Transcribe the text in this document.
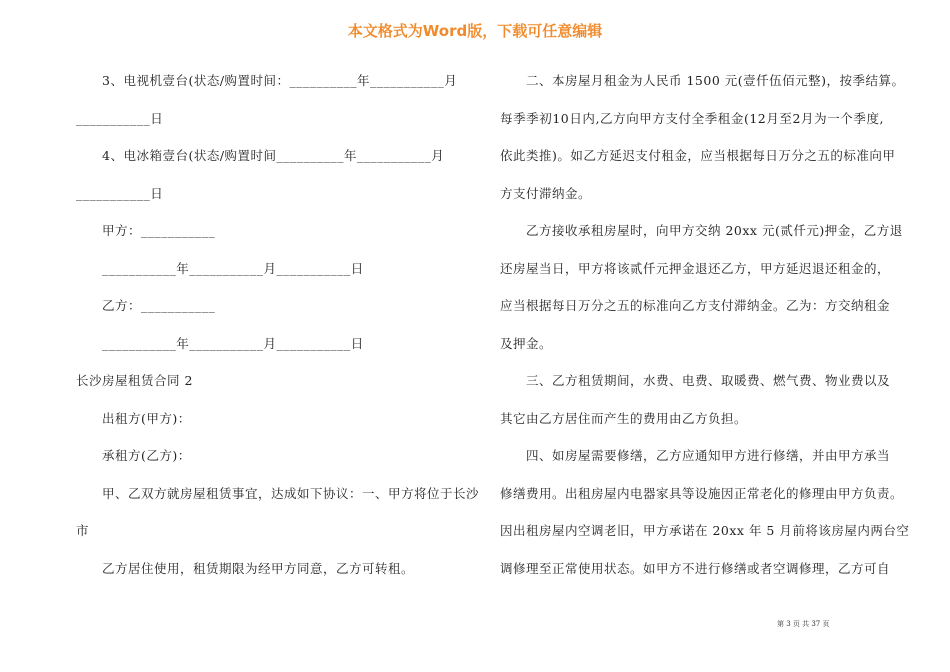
本文格式为Word版，下载可任意编辑
3、电视机壹台(状态/购置时间：__________年___________月
___________日
4、电冰箱壹台(状态/购置时间__________年___________月
___________日
甲方：___________
___________年___________月___________日
乙方：___________
___________年___________月___________日
长沙房屋租赁合同 2
出租方(甲方)：
承租方(乙方)：
甲、乙双方就房屋租赁事宜，达成如下协议：一、甲方将位于长沙
市
乙方居住使用，租赁期限为经甲方同意，乙方可转租。
二、本房屋月租金为人民币 1500 元(壹仟伍佰元整)，按季结算。
每季季初10日内,乙方向甲方支付全季租金(12月至2月为一个季度,
依此类推)。如乙方延迟支付租金，应当根据每日万分之五的标准向甲
方支付滞纳金。
乙方接收承租房屋时，向甲方交纳 20xx 元(贰仟元)押金，乙方退
还房屋当日，甲方将该贰仟元押金退还乙方，甲方延迟退还租金的，
应当根据每日万分之五的标准向乙方支付滞纳金。乙为：方交纳租金
及押金。
三、乙方租赁期间，水费、电费、取暖费、燃气费、物业费以及
其它由乙方居住而产生的费用由乙方负担。
四、如房屋需要修缮，乙方应通知甲方进行修缮，并由甲方承当
修缮费用。出租房屋内电器家具等设施因正常老化的修理由甲方负责。
因出租房屋内空调老旧，甲方承诺在 20xx 年 5 月前将该房屋内两台空
调修理至正常使用状态。如甲方不进行修缮或者空调修理，乙方可自
第 3 页 共 37 页
